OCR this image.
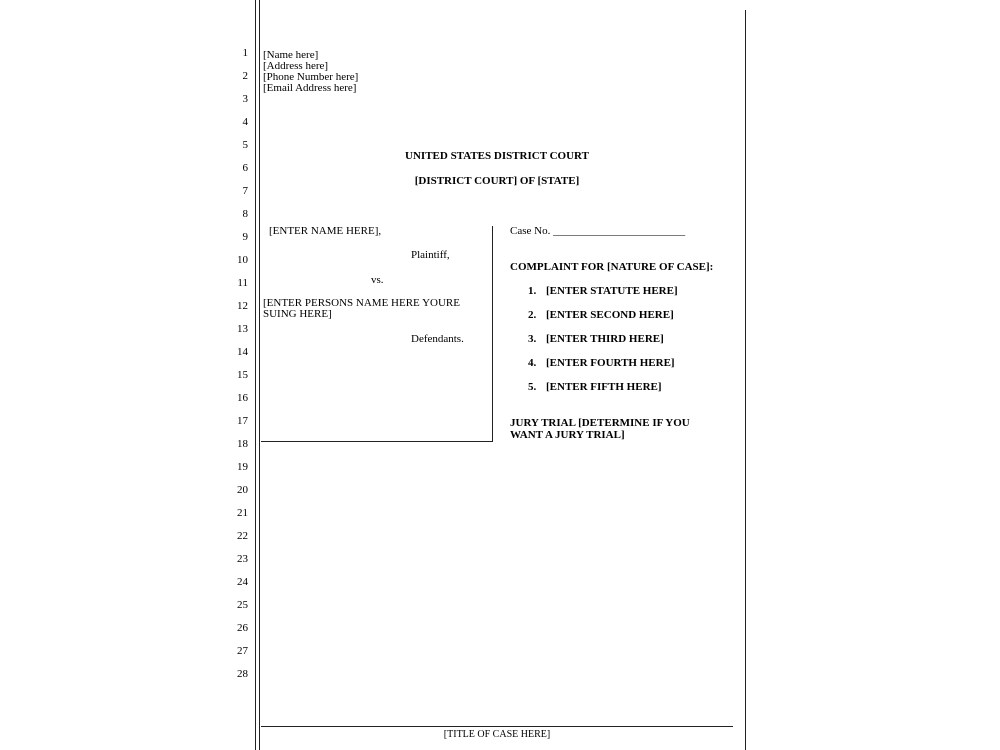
1
2
3
4
5
6
7
8
9
10
11
12
13
14
15
16
17
18
19
20
21
22
23
24
25
26
27
28
[Name here]
[Address here]
[Phone Number here]
[Email Address here]
UNITED STATES DISTRICT COURT
[DISTRICT COURT] OF [STATE]
[ENTER NAME HERE],
Plaintiff,
vs.
[ENTER PERSONS NAME HERE YOURE
SUING HERE]
Defendants.
Case No. ________________________
COMPLAINT FOR [NATURE OF CASE]:
1. [ENTER STATUTE HERE]
2. [ENTER SECOND HERE]
3. [ENTER THIRD HERE]
4. [ENTER FOURTH HERE]
5. [ENTER FIFTH HERE]
JURY TRIAL [DETERMINE IF YOU
WANT A JURY TRIAL]
[TITLE OF CASE HERE]
